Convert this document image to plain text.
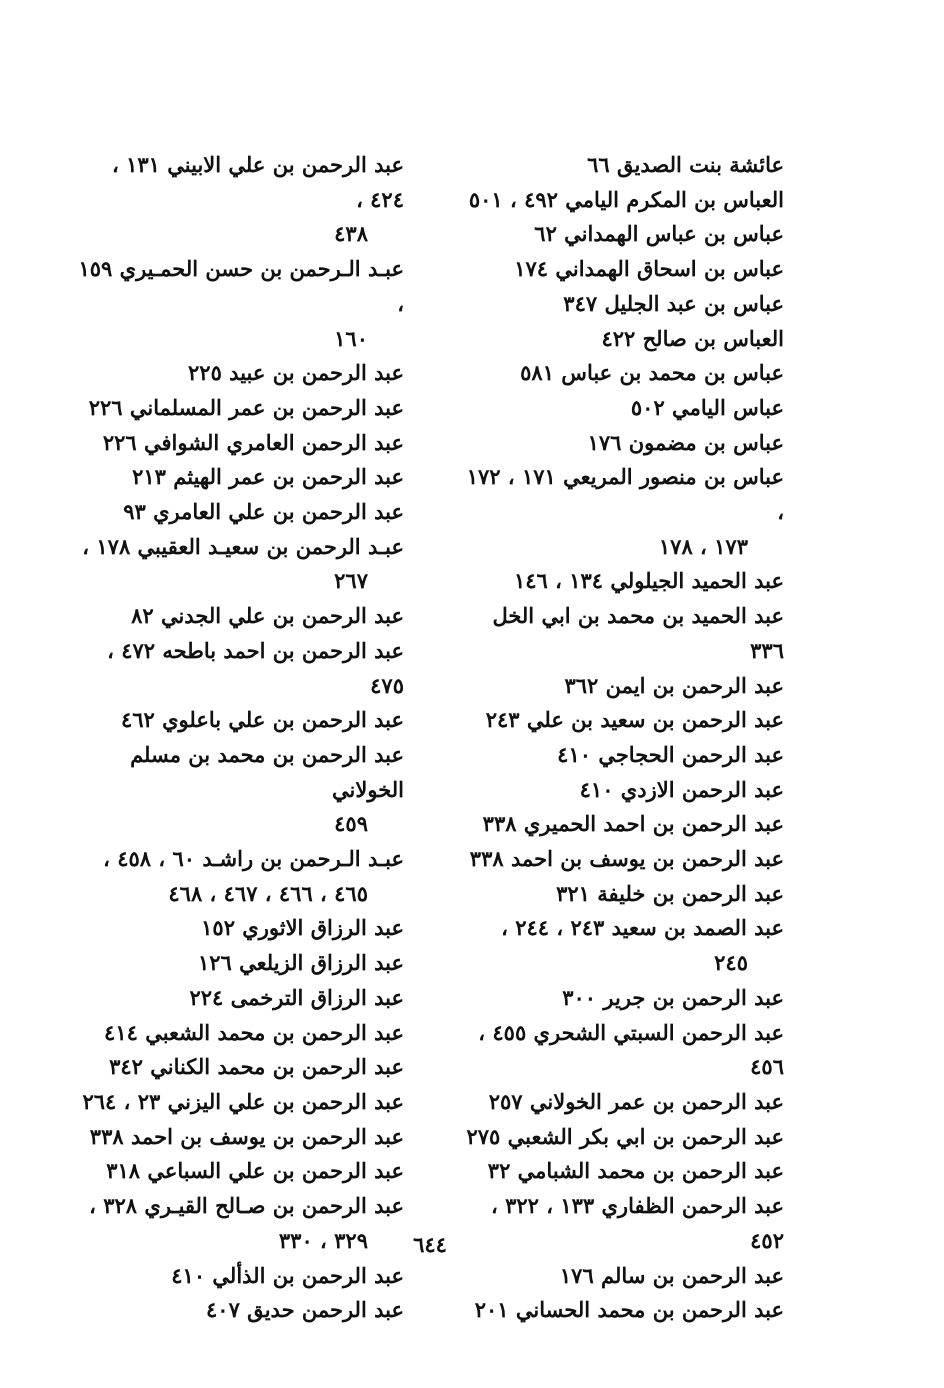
عائشة بنت الصديق ٦٦
العباس بن المكرم اليامي ٤٩٢ ، ٥٠١
عباس بن عباس الهمداني ٦٢
عباس بن اسحاق الهمداني ١٧٤
عباس بن عبد الجليل ٣٤٧
العباس بن صالح ٤٢٢
عباس بن محمد بن عباس ٥٨١
عباس اليامي ٥٠٢
عباس بن مضمون ١٧٦
عباس بن منصور المريعي ١٧١ ، ١٧٢ ،
١٧٣ ، ١٧٨
عبد الحميد الجيلولي ١٣٤ ، ١٤٦
عبد الحميد بن محمد بن ابي الخل ٣٣٦
عبد الرحمن بن ايمن ٣٦٢
عبد الرحمن بن سعيد بن علي ٢٤٣
عبد الرحمن الحجاجي ٤١٠
عبد الرحمن الازدي ٤١٠
عبد الرحمن بن احمد الحميري ٣٣٨
عبد الرحمن بن يوسف بن احمد ٣٣٨
عبد الرحمن بن خليفة ٣٢١
عبد الصمد بن سعيد ٢٤٣ ، ٢٤٤ ،
٢٤٥
عبد الرحمن بن جرير ٣٠٠
عبد الرحمن السبتي الشحري ٤٥٥ ، ٤٥٦
عبد الرحمن بن عمر الخولاني ٢٥٧
عبد الرحمن بن ابي بكر الشعبي ٢٧٥
عبد الرحمن بن محمد الشبامي ٣٢
عبد الرحمن الظفاري ١٣٣ ، ٣٢٢ ، ٤٥٢
عبد الرحمن بن سالم ١٧٦
عبد الرحمن بن محمد الحساني ٢٠١
عبد الرحمن بن علي الابيني ١٣١ ، ٤٢٤ ،
٤٣٨
عبـد الـرحمن بن حسن الحمـيري ١٥٩ ،
١٦٠
عبد الرحمن بن عبيد ٢٢٥
عبد الرحمن بن عمر المسلماني ٢٢٦
عبد الرحمن العامري الشوافي ٢٢٦
عبد الرحمن بن عمر الهيثم ٢١٣
عبد الرحمن بن علي العامري ٩٣
عبـد الرحمن بن سعيـد العقيبي ١٧٨ ،
٢٦٧
عبد الرحمن بن علي الجدني ٨٢
عبد الرحمن بن احمد باطحه ٤٧٢ ، ٤٧٥
عبد الرحمن بن علي باعلوي ٤٦٢
عبد الرحمن بن محمد بن مسلم الخولاني
٤٥٩
عبـد الـرحمن بن راشـد ٦٠ ، ٤٥٨ ،
٤٦٥ ، ٤٦٦ ، ٤٦٧ ، ٤٦٨
عبد الرزاق الاثوري ١٥٢
عبد الرزاق الزيلعي ١٢٦
عبد الرزاق الترخمى ٢٢٤
عبد الرحمن بن محمد الشعبي ٤١٤
عبد الرحمن بن محمد الكناني ٣٤٢
عبد الرحمن بن علي اليزني ٢٣ ، ٢٦٤
عبد الرحمن بن يوسف بن احمد ٣٣٨
عبد الرحمن بن علي السباعي ٣١٨
عبد الرحمن بن صـالح القيـري ٣٢٨ ،
٣٢٩ ، ٣٣٠
عبد الرحمن بن الذألي ٤١٠
عبد الرحمن حديق ٤٠٧
٦٤٤
